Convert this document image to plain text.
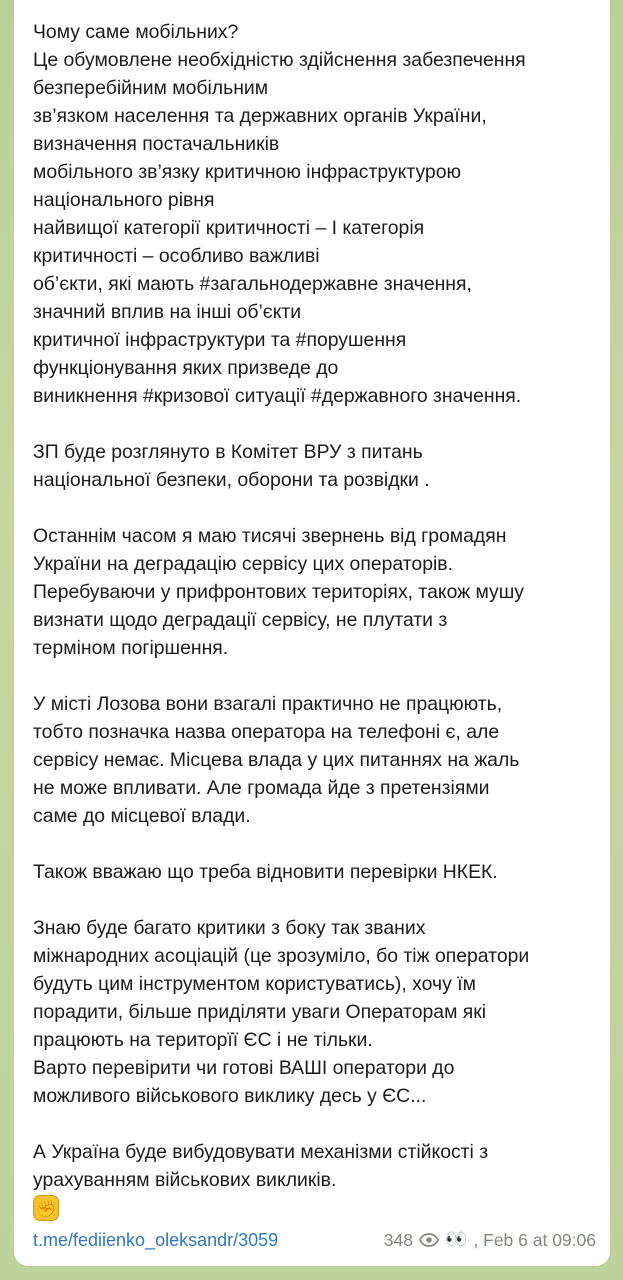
Чому саме мобільних?
Це обумовлене необхідністю здійснення забезпечення
безперебійним мобільним
зв’язком населення та державних органів України,
визначення постачальників
мобільного зв’язку критичною інфраструктурою
національного рівня
найвищої категорії критичності – І категорія
критичності – особливо важливі
об’єкти, які мають #загальнодержавне значення,
значний вплив на інші об’єкти
критичної інфраструктури та #порушення
функціонування яких призведе до
виникнення #кризової ситуації #державного значення.
ЗП буде розглянуто в Комітет ВРУ з питань
національної безпеки, оборони та розвідки .
Останнім часом я маю тисячі звернень від громадян
України на деградацію сервісу цих операторів.
Перебуваючи у прифронтових територіях, також мушу
визнати щодо деградації сервісу, не плутати з
терміном погіршення.
У місті Лозова вони взагалі практично не працюють,
тобто позначка назва оператора на телефоні є, але
сервісу немає. Місцева влада у цих питаннях на жаль
не може впливати. Але громада йде з претензіями
саме до місцевої влади.
Також вважаю що треба відновити перевірки НКЕК.
Знаю буде багато критики з боку так званих
міжнародних асоціацій (це зрозуміло, бо тіж оператори
будуть цим інструментом користуватись), хочу їм
порадити, більше приділяти уваги Операторам які
працюють на територїї ЄС і не тільки.
Варто перевірити чи готові ВАШІ оператори до
можливого військового виклику десь у ЄС...
А Україна буде вибудовувати механізми стійкості з
урахуванням військових викликів.
✊
t.me/fediienko_oleksandr/3059	348 👀 , Feb 6 at 09:06
